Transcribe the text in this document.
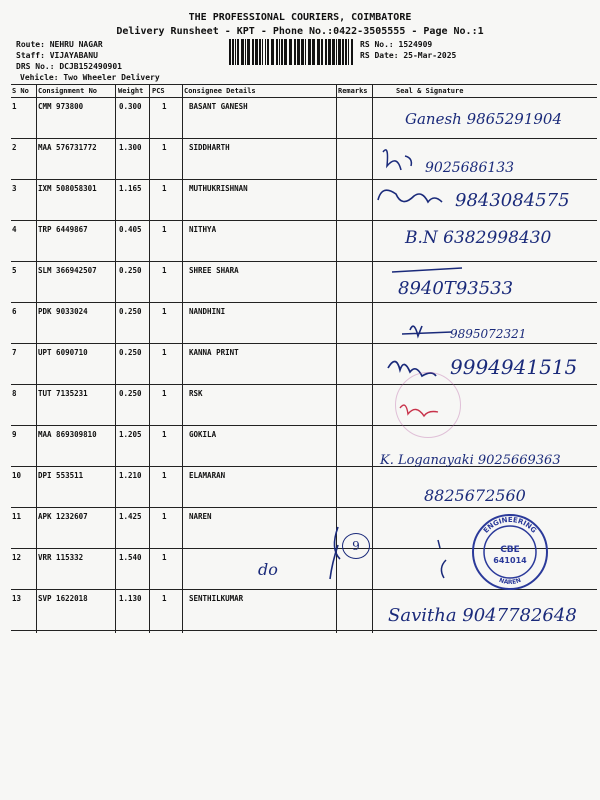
THE PROFESSIONAL COURIERS, COIMBATORE
Delivery Runsheet - KPT - Phone No.:0422-3505555 - Page No.:1
Route: NEHRU NAGAR
Staff: VIJAYABANU
DRS No.: DCJB152490901
Vehicle: Two Wheeler Delivery
RS No.: 1524909
RS Date: 25-Mar-2025
S No Consignment No	Weight PCS	Consignee Details	Remarks	Seal & Signature
1	CMM 973800	0.300	1	BASANT GANESH
2	MAA 576731772	1.300	1	SIDDHARTH
3	IXM 508058301	1.165	1	MUTHUKRISHNAN
4	TRP 6449867	0.405	1	NITHYA
5	SLM 366942507	0.250	1	SHREE SHARA
6	PDK 9033024	0.250	1	NANDHINI
7	UPT 6090710	0.250	1	KANNA PRINT
8	TUT 7135231	0.250	1	RSK
9	MAA 869309810	1.205	1	GOKILA
10 DPI 553511	1.210	1	ELAMARAN
11 APK 1232607	1.425	1	NAREN
12 VRR 115332	1.540	1
13 SVP 1622018	1.130	1	SENTHILKUMAR
Ganesh 9865291904
9025686133
9843084575
B.N 6382998430
8940T93533
9895072321
9994941515
K. Loganayaki 9025669363
8825672560
Savitha 9047782648
do
9
ENGINEERING
NAREN
CBE
641014
